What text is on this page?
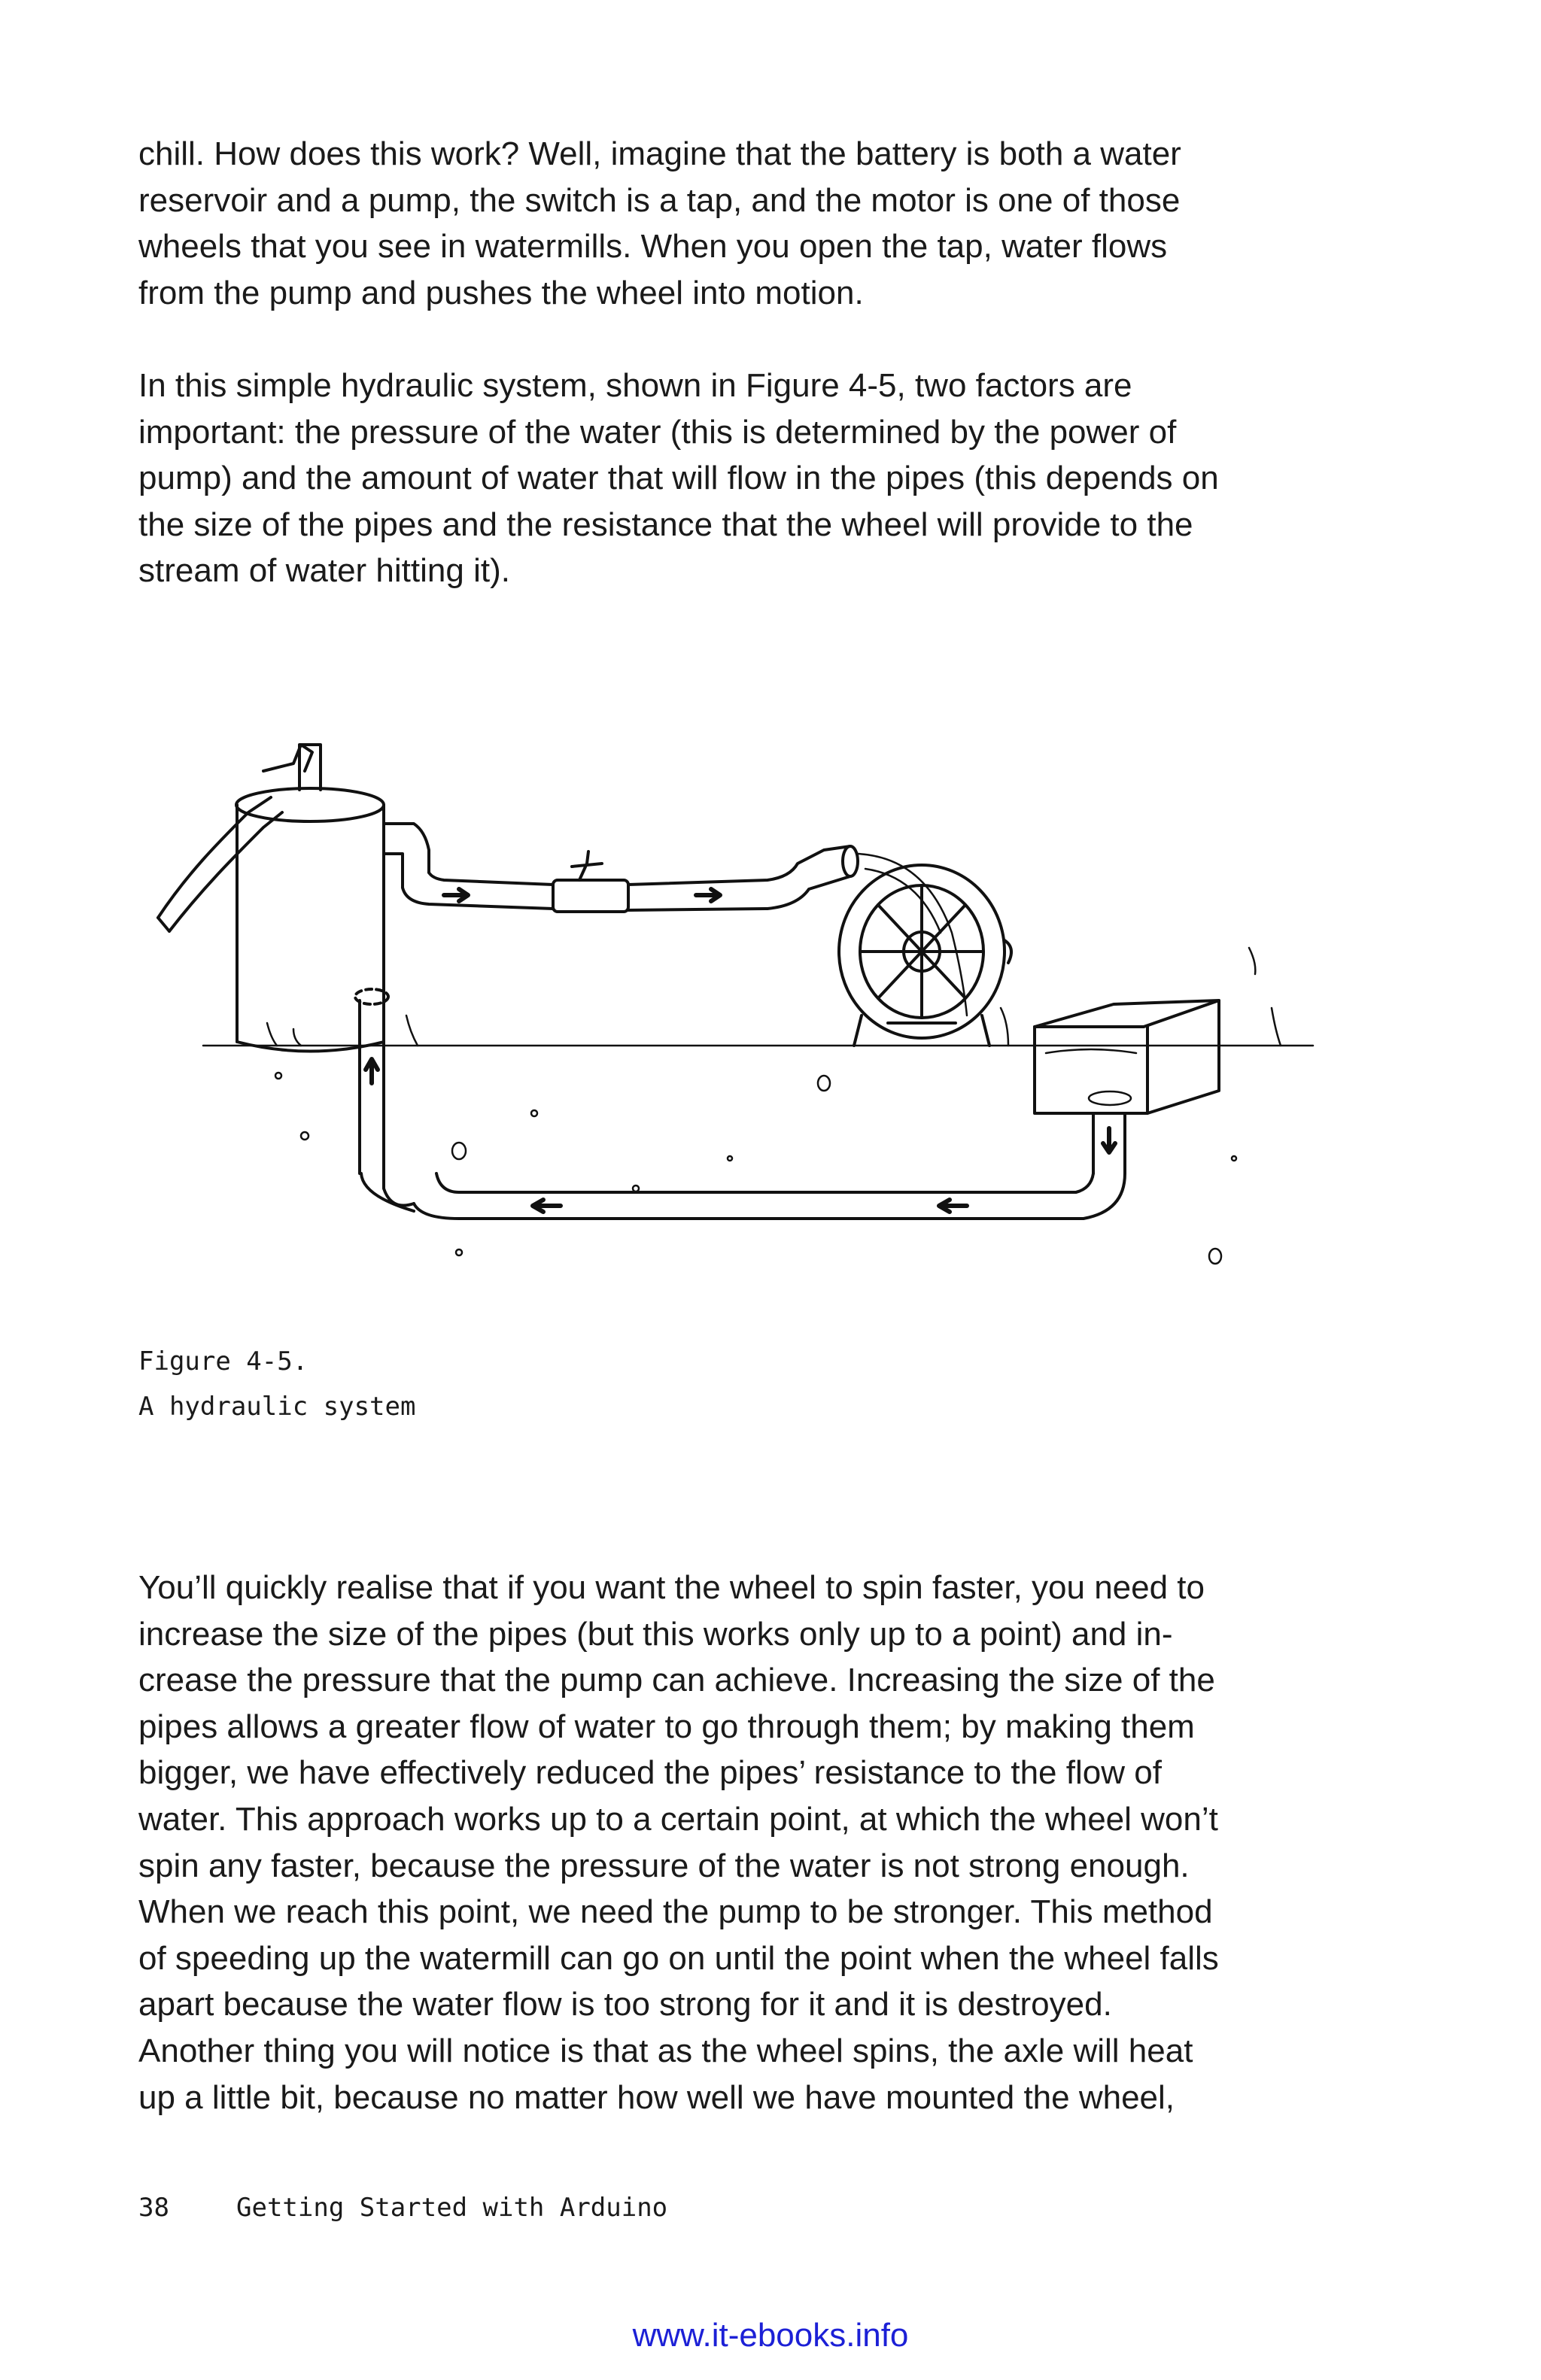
chill. How does this work? Well, imagine that the battery is both a water
reservoir and a pump, the switch is a tap, and the motor is one of those
wheels that you see in watermills. When you open the tap, water flows
from the pump and pushes the wheel into motion.
In this simple hydraulic system, shown in Figure 4-5, two factors are
important: the pressure of the water (this is determined by the power of
pump) and the amount of water that will flow in the pipes (this depends on
the size of the pipes and the resistance that the wheel will provide to the
stream of water hitting it).
Figure 4-5.
A hydraulic system
You’ll quickly realise that if you want the wheel to spin faster, you need to
increase the size of the pipes (but this works only up to a point) and in-
crease the pressure that the pump can achieve. Increasing the size of the
pipes allows a greater flow of water to go through them; by making them
bigger, we have effectively reduced the pipes’ resistance to the flow of
water. This approach works up to a certain point, at which the wheel won’t
spin any faster, because the pressure of the water is not strong enough.
When we reach this point, we need the pump to be stronger. This method
of speeding up the watermill can go on until the point when the wheel falls
apart because the water flow is too strong for it and it is destroyed.
Another thing you will notice is that as the wheel spins, the axle will heat
up a little bit, because no matter how well we have mounted the wheel,
38	Getting Started with Arduino
www.it-ebooks.info
